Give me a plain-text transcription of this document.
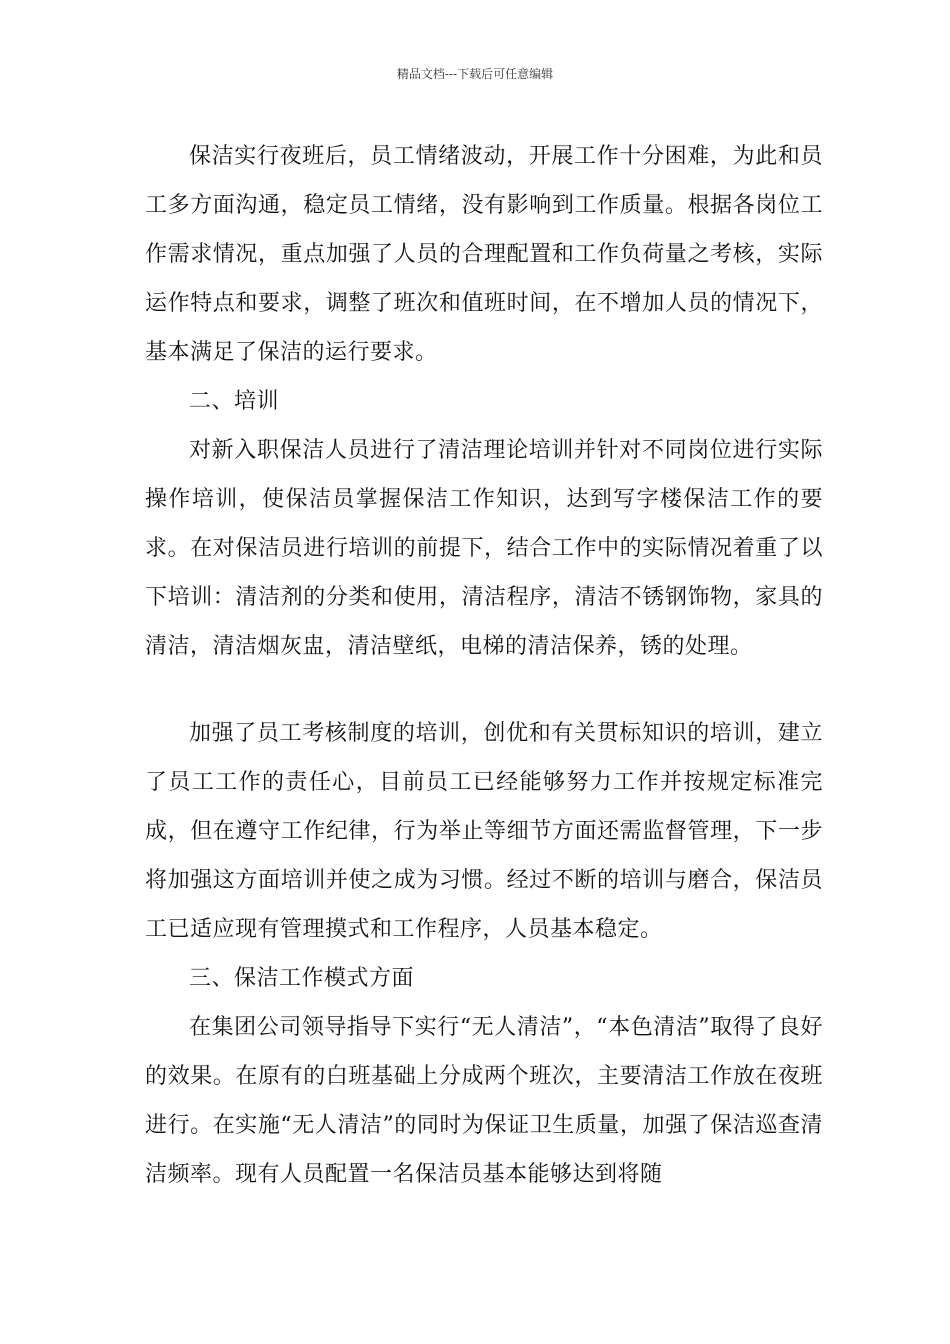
精品文档---下载后可任意编辑

保洁实行夜班后，员工情绪波动，开展工作十分困难，为此和员工多方面沟通，稳定员工情绪，没有影响到工作质量。根据各岗位工作需求情况，重点加强了人员的合理配置和工作负荷量之考核，实际运作特点和要求，调整了班次和值班时间，在不增加人员的情况下，基本满足了保洁的运行要求。

二、培训

对新入职保洁人员进行了清洁理论培训并针对不同岗位进行实际操作培训，使保洁员掌握保洁工作知识，达到写字楼保洁工作的要求。在对保洁员进行培训的前提下，结合工作中的实际情况着重了以下培训：清洁剂的分类和使用，清洁程序，清洁不锈钢饰物，家具的清洁，清洁烟灰盅，清洁壁纸，电梯的清洁保养，锈的处理。

加强了员工考核制度的培训，创优和有关贯标知识的培训，建立了员工工作的责任心，目前员工已经能够努力工作并按规定标准完成，但在遵守工作纪律，行为举止等细节方面还需监督管理，下一步将加强这方面培训并使之成为习惯。经过不断的培训与磨合，保洁员工已适应现有管理摸式和工作程序，人员基本稳定。

三、保洁工作模式方面

在集团公司领导指导下实行“无人清洁”，“本色清洁”取得了良好的效果。在原有的白班基础上分成两个班次，主要清洁工作放在夜班进行。在实施“无人清洁”的同时为保证卫生质量，加强了保洁巡查清洁频率。现有人员配置一名保洁员基本能够达到将随
